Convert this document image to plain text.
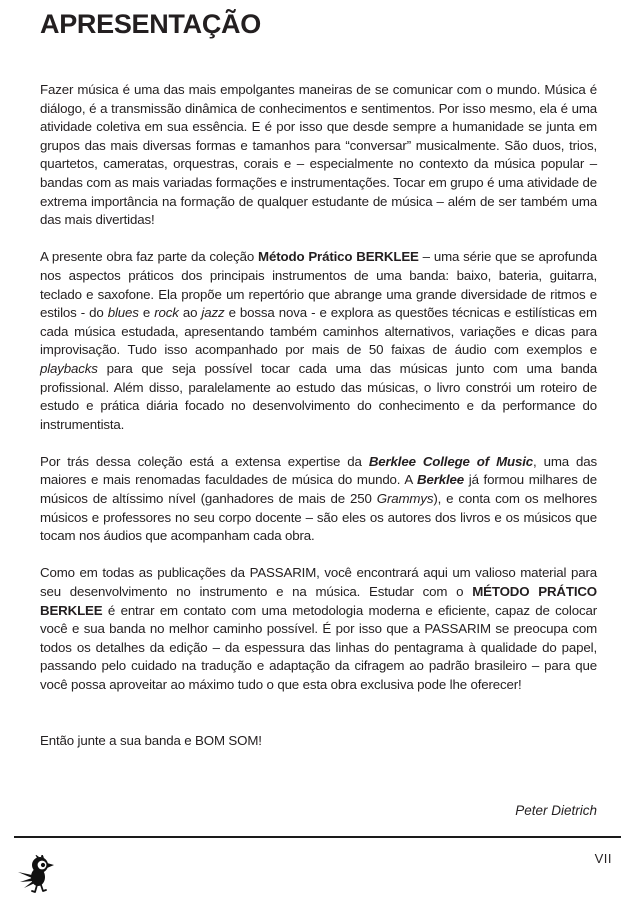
APRESENTAÇÃO

Fazer música é uma das mais empolgantes maneiras de se comunicar com o mundo. Música é diálogo, é a transmissão dinâmica de conhecimentos e sentimentos. Por isso mesmo, ela é uma atividade coletiva em sua essência. E é por isso que desde sempre a humanidade se junta em grupos das mais diversas formas e tamanhos para “conversar” musicalmente. São duos, trios, quartetos, cameratas, orquestras, corais e – especialmente no contexto da música popular – bandas com as mais variadas formações e instrumentações. Tocar em grupo é uma atividade de extrema importância na formação de qualquer estudante de música – além de ser também uma das mais divertidas!

A presente obra faz parte da coleção Método Prático BERKLEE – uma série que se aprofunda nos aspectos práticos dos principais instrumentos de uma banda: baixo, bateria, guitarra, teclado e saxofone. Ela propõe um repertório que abrange uma grande diversidade de ritmos e estilos - do blues e rock ao jazz e bossa nova - e explora as questões técnicas e estilísticas em cada música estudada, apresentando também caminhos alternativos, variações e dicas para improvisação. Tudo isso acompanhado por mais de 50 faixas de áudio com exemplos e playbacks para que seja possível tocar cada uma das músicas junto com uma banda profissional. Além disso, paralelamente ao estudo das músicas, o livro constrói um roteiro de estudo e prática diária focado no desenvolvimento do conhecimento e da performance do instrumentista.

Por trás dessa coleção está a extensa expertise da Berklee College of Music, uma das maiores e mais renomadas faculdades de música do mundo. A Berklee já formou milhares de músicos de altíssimo nível (ganhadores de mais de 250 Grammys), e conta com os melhores músicos e professores no seu corpo docente – são eles os autores dos livros e os músicos que tocam nos áudios que acompanham cada obra.

Como em todas as publicações da PASSARIM, você encontrará aqui um valioso material para seu desenvolvimento no instrumento e na música. Estudar com o MÉTODO PRÁTICO BERKLEE é entrar em contato com uma metodologia moderna e eficiente, capaz de colocar você e sua banda no melhor caminho possível. É por isso que a PASSARIM se preocupa com todos os detalhes da edição – da espessura das linhas do pentagrama à qualidade do papel, passando pelo cuidado na tradução e adaptação da cifragem ao padrão brasileiro – para que você possa aproveitar ao máximo tudo o que esta obra exclusiva pode lhe oferecer!

Então junte a sua banda e BOM SOM!

Peter Dietrich

VII
